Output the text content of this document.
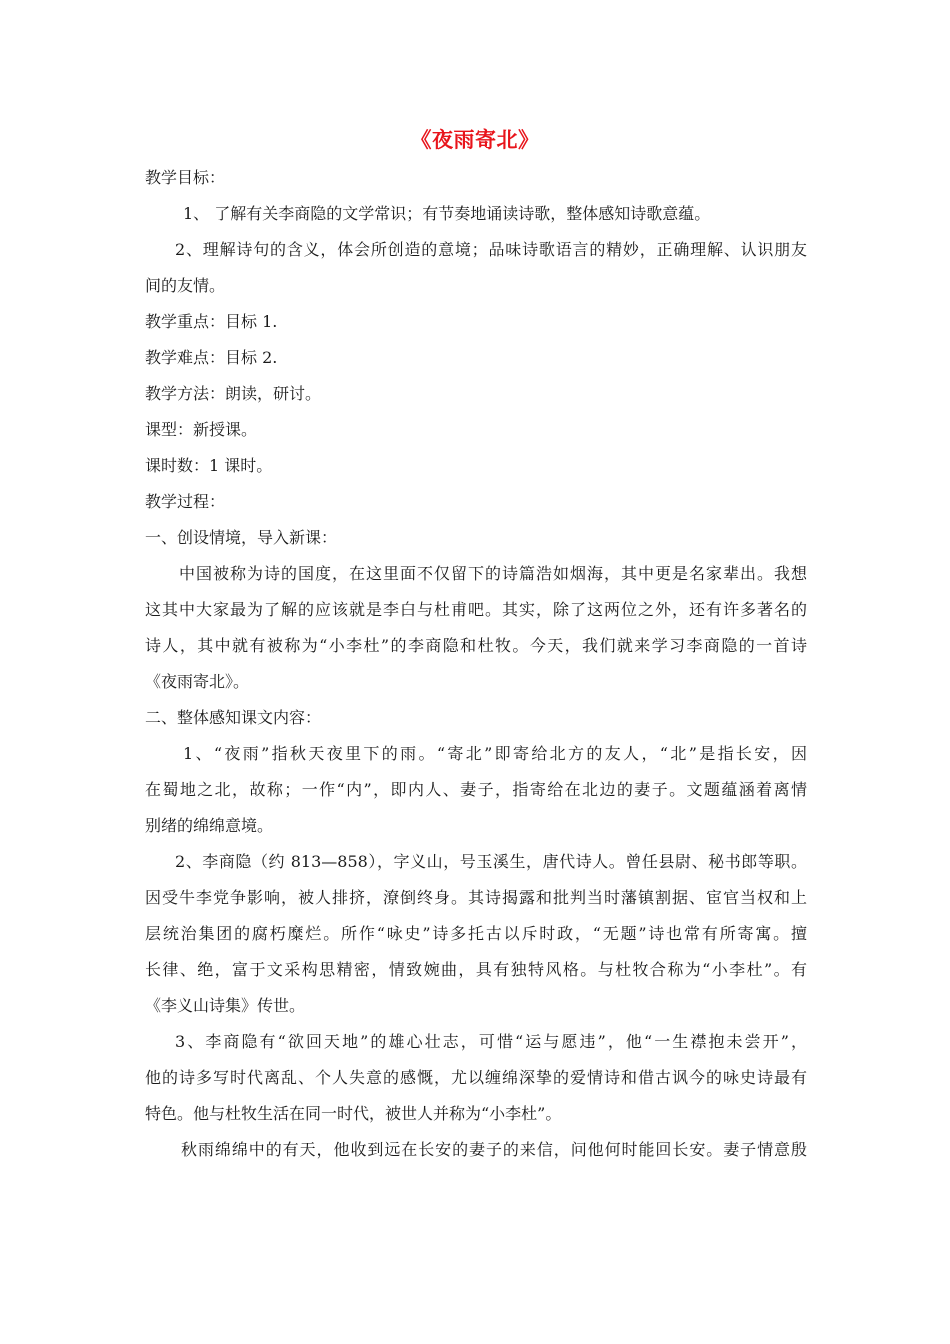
《夜雨寄北》
教学目标：
1、 了解有关李商隐的文学常识；有节奏地诵读诗歌，整体感知诗歌意蕴。
2、理解诗句的含义，体会所创造的意境；品味诗歌语言的精妙，正确理解、认识朋友
间的友情。
教学重点：目标 1.
教学难点：目标 2.
教学方法：朗读，研讨。
课型：新授课。
课时数：1 课时。
教学过程：
一、创设情境，导入新课：
中国被称为诗的国度，在这里面不仅留下的诗篇浩如烟海，其中更是名家辈出。我想
这其中大家最为了解的应该就是李白与杜甫吧。其实，除了这两位之外，还有许多著名的
诗人，其中就有被称为“小李杜”的李商隐和杜牧。今天，我们就来学习李商隐的一首诗
《夜雨寄北》。
二、整体感知课文内容：
1、“夜雨”指秋天夜里下的雨。“寄北”即寄给北方的友人，“北”是指长安，因
在蜀地之北，故称；一作“内”，即内人、妻子，指寄给在北边的妻子。文题蕴涵着离情
别绪的绵绵意境。
2、李商隐（约 813—858），字义山，号玉溪生，唐代诗人。曾任县尉、秘书郎等职。
因受牛李党争影响，被人排挤，潦倒终身。其诗揭露和批判当时藩镇割据、宦官当权和上
层统治集团的腐朽糜烂。所作“咏史”诗多托古以斥时政，“无题”诗也常有所寄寓。擅
长律、绝，富于文采构思精密，情致婉曲，具有独特风格。与杜牧合称为“小李杜”。有
《李义山诗集》传世。
3、李商隐有“欲回天地”的雄心壮志，可惜“运与愿违”，他“一生襟抱未尝开”，
他的诗多写时代离乱、个人失意的感慨，尤以缠绵深挚的爱情诗和借古讽今的咏史诗最有
特色。他与杜牧生活在同一时代，被世人并称为“小李杜”。
秋雨绵绵中的有天，他收到远在长安的妻子的来信，问他何时能回长安。妻子情意殷
